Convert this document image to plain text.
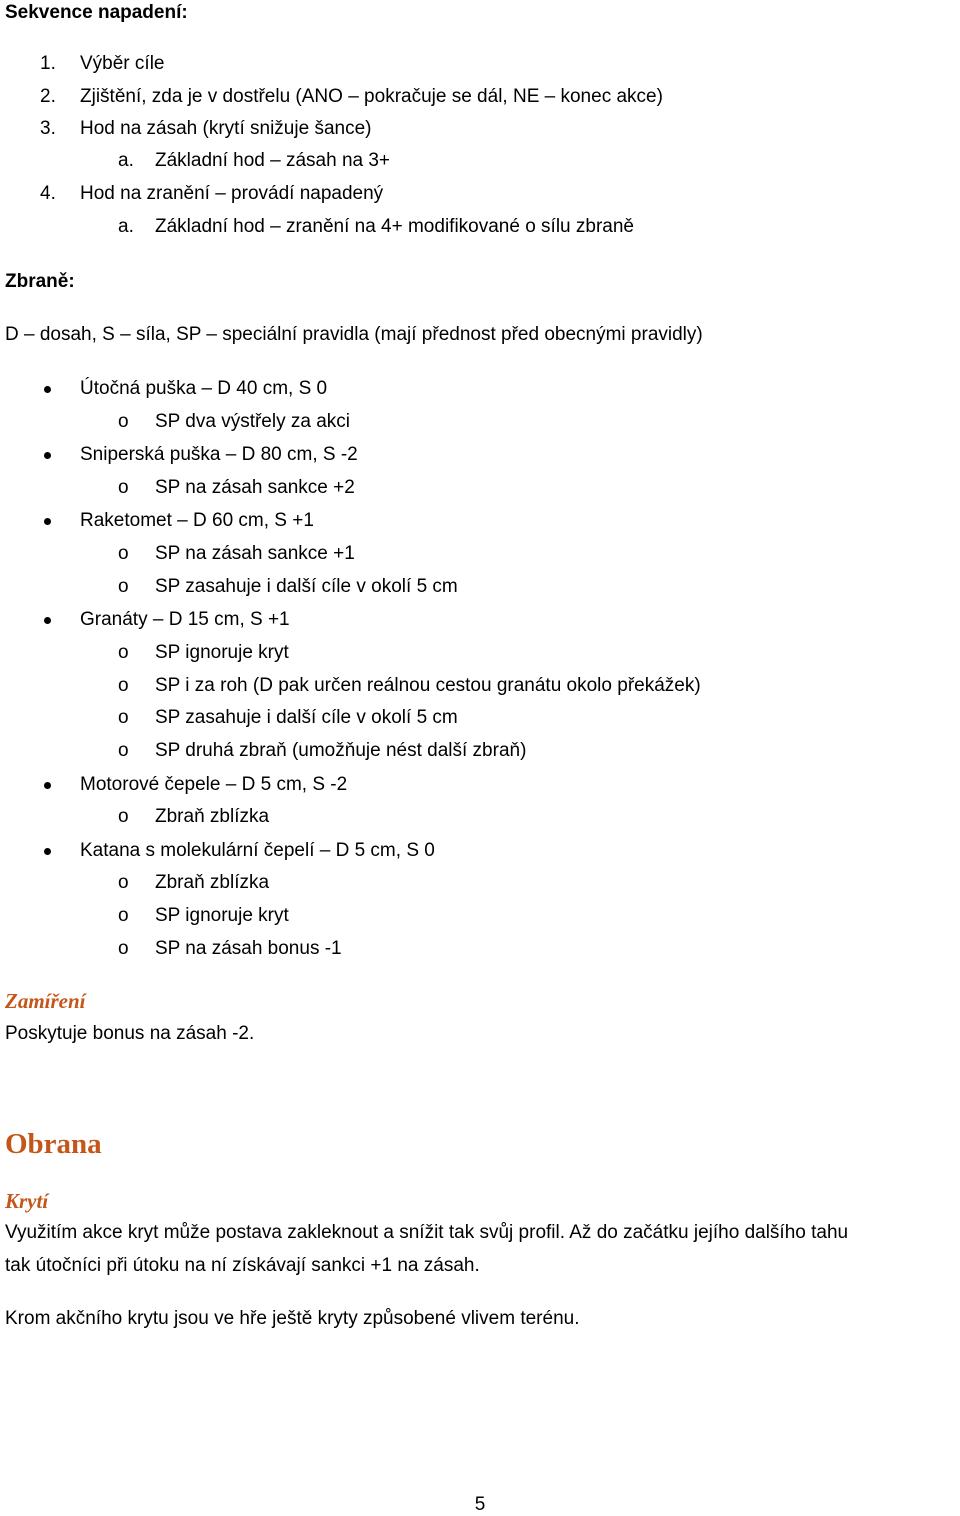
Sekvence napadení:
1.	Výběr cíle
2.	Zjištění, zda je v dostřelu (ANO – pokračuje se dál, NE – konec akce)
3.	Hod na zásah (krytí snižuje šance)
a. Základní hod – zásah na 3+
4.	Hod na zranění – provádí napadený
a. Základní hod – zranění na 4+ modifikované o sílu zbraně
Zbraně:
D – dosah, S – síla, SP – speciální pravidla (mají přednost před obecnými pravidly)
Útočná puška – D 40 cm, S 0
o SP dva výstřely za akci
Sniperská puška – D 80 cm, S -2
o SP na zásah sankce +2
Raketomet – D 60 cm, S +1
o SP na zásah sankce +1
o SP zasahuje i další cíle v okolí 5 cm
Granáty – D 15 cm, S +1
o SP ignoruje kryt
o SP i za roh (D pak určen reálnou cestou granátu okolo překážek)
o SP zasahuje i další cíle v okolí 5 cm
o SP druhá zbraň (umožňuje nést další zbraň)
Motorové čepele – D 5 cm, S -2
o Zbraň zblízka
Katana s molekulární čepelí – D 5 cm, S 0
o Zbraň zblízka
o SP ignoruje kryt
o SP na zásah bonus -1
Zamíření
Poskytuje bonus na zásah -2.
Obrana
Krytí
Využitím akce kryt může postava zakleknout a snížit tak svůj profil. Až do začátku jejího dalšího tahu
tak útočníci při útoku na ní získávají sankci +1 na zásah.
Krom akčního krytu jsou ve hře ještě kryty způsobené vlivem terénu.
5
